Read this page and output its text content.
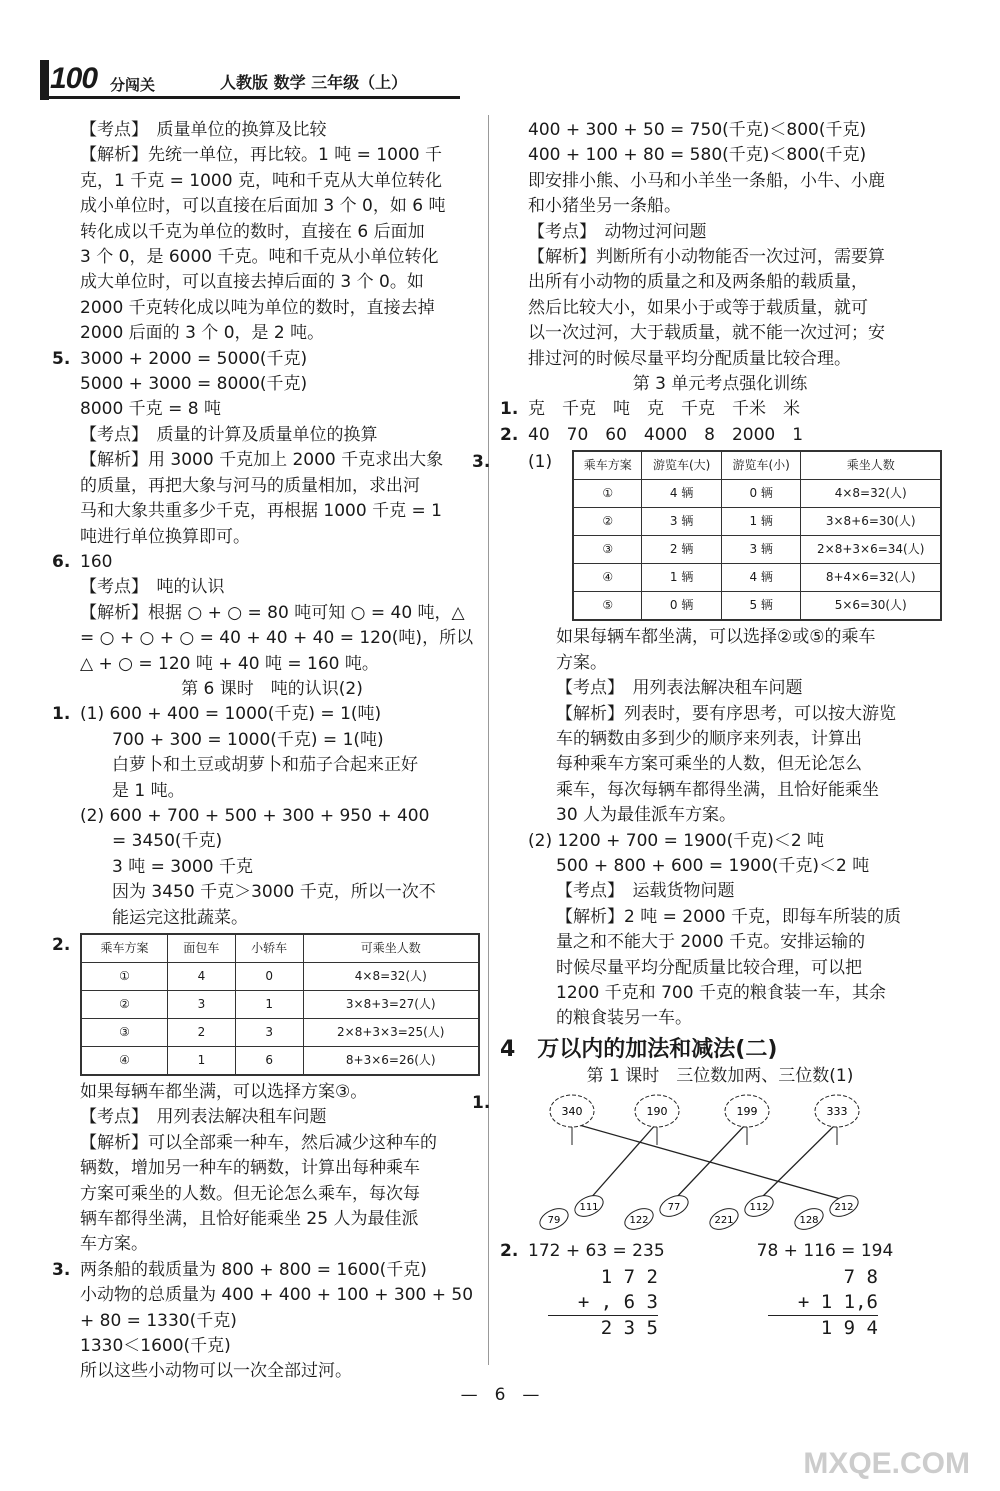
100 分闯关	人教版 数学 三年级（上）
【考点】　质量单位的换算及比较
【解析】先统一单位，再比较。1 吨 = 1000 千
克，1 千克 = 1000 克，吨和千克从大单位转化
成小单位时，可以直接在后面加 3 个 0，如 6 吨
转化成以千克为单位的数时，直接在 6 后面加
3 个 0，是 6000 千克。吨和千克从小单位转化
成大单位时，可以直接去掉后面的 3 个 0。如
2000 千克转化成以吨为单位的数时，直接去掉
2000 后面的 3 个 0，是 2 吨。
5. 3000 + 2000 = 5000(千克)
5000 + 3000 = 8000(千克)
8000 千克 = 8 吨
【考点】　质量的计算及质量单位的换算
【解析】用 3000 千克加上 2000 千克求出大象
的质量，再把大象与河马的质量相加，求出河
马和大象共重多少千克，再根据 1000 千克 = 1
吨进行单位换算即可。
6. 160
【考点】　吨的认识
【解析】根据 ○ + ○ = 80 吨可知 ○ = 40 吨，△
= ○ + ○ + ○ = 40 + 40 + 40 = 120(吨)，所以
△ + ○ = 120 吨 + 40 吨 = 160 吨。
第 6 课时　吨的认识(2)
1. (1) 600 + 400 = 1000(千克) = 1(吨)
700 + 300 = 1000(千克) = 1(吨)
白萝卜和土豆或胡萝卜和茄子合起来正好
是 1 吨。
(2) 600 + 700 + 500 + 300 + 950 + 400
= 3450(千克)
3 吨 = 3000 千克
因为 3450 千克＞3000 千克，所以一次不
能运完这批蔬菜。
2.	乘车方案	面包车	小轿车	可乘坐人数
①	4	0	4×8=32(人)
②	3	1	3×8+3=27(人)
③	2	3	2×8+3×3=25(人)
④	1	6	8+3×6=26(人)
如果每辆车都坐满，可以选择方案③。
【考点】　用列表法解决租车问题
【解析】可以全部乘一种车，然后减少这种车的
辆数，增加另一种车的辆数，计算出每种乘车
方案可乘坐的人数。但无论怎么乘车，每次每
辆车都得坐满，且恰好能乘坐 25 人为最佳派
车方案。
3. 两条船的载质量为 800 + 800 = 1600(千克)
小动物的总质量为 400 + 400 + 100 + 300 + 50
+ 80 = 1330(千克)
1330＜1600(千克)
所以这些小动物可以一次全部过河。
400 + 300 + 50 = 750(千克)＜800(千克)
400 + 100 + 80 = 580(千克)＜800(千克)
即安排小熊、小马和小羊坐一条船，小牛、小鹿
和小猪坐另一条船。
【考点】　动物过河问题
【解析】判断所有小动物能否一次过河，需要算
出所有小动物的质量之和及两条船的载质量，
然后比较大小，如果小于或等于载质量，就可
以一次过河，大于载质量，就不能一次过河；安
排过河的时候尽量平均分配质量比较合理。
第 3 单元考点强化训练
1. 克　千克　吨　克　千克　千米　米
2. 40　70　60　4000　8　2000　1
3.	(1)	乘车方案	游览车(大)	游览车(小)	乘坐人数
①	4 辆	0 辆	4×8=32(人)
②	3 辆	1 辆	3×8+6=30(人)
③	2 辆	3 辆	2×8+3×6=34(人)
④	1 辆	4 辆	8+4×6=32(人)
⑤	0 辆	5 辆	5×6=30(人)
如果每辆车都坐满，可以选择②或⑤的乘车
方案。
【考点】　用列表法解决租车问题
【解析】列表时，要有序思考，可以按大游览
车的辆数由多到少的顺序来列表，计算出
每种乘车方案可乘坐的人数，但无论怎么
乘车，每次每辆车都得坐满，且恰好能乘坐
30 人为最佳派车方案。
(2) 1200 + 700 = 1900(千克)＜2 吨
500 + 800 + 600 = 1900(千克)＜2 吨
【考点】　运载货物问题
【解析】2 吨 = 2000 千克，即每车所装的质
量之和不能大于 2000 千克。安排运输的
时候尽量平均分配质量比较合理，可以把
1200 千克和 700 千克的粮食装一车，其余
的粮食装另一车。
4　万以内的加法和减法(二)
第 1 课时　三位数加两、三位数(1)
1.	340	190	199	333
79
111
122
77
221
112
128
212
2. 172 + 63 = 235	78 + 116 = 194
1 7 2
+ , 6 3
2 3 5
7 8
+ 1 1,6
1 9 4
—　6　—
MXQE.COM
